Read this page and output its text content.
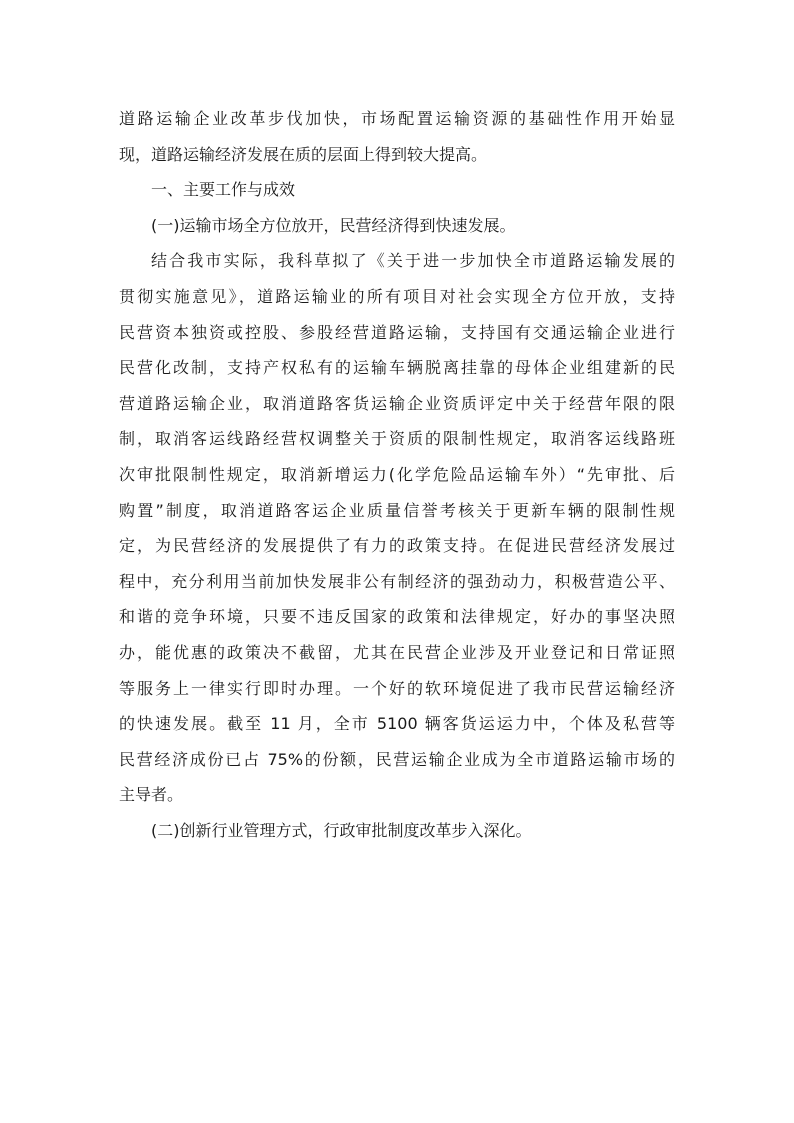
道路运输企业改革步伐加快，市场配置运输资源的基础性作用开始显
现，道路运输经济发展在质的层面上得到较大提高。
一、主要工作与成效
(一)运输市场全方位放开，民营经济得到快速发展。
结合我市实际，我科草拟了《关于进一步加快全市道路运输发展的
贯彻实施意见》，道路运输业的所有项目对社会实现全方位开放，支持
民营资本独资或控股、参股经营道路运输，支持国有交通运输企业进行
民营化改制，支持产权私有的运输车辆脱离挂靠的母体企业组建新的民
营道路运输企业，取消道路客货运输企业资质评定中关于经营年限的限
制，取消客运线路经营权调整关于资质的限制性规定，取消客运线路班
次审批限制性规定，取消新增运力(化学危险品运输车外）“先审批、后
购置”制度，取消道路客运企业质量信誉考核关于更新车辆的限制性规
定，为民营经济的发展提供了有力的政策支持。在促进民营经济发展过
程中，充分利用当前加快发展非公有制经济的强劲动力，积极营造公平、
和谐的竞争环境，只要不违反国家的政策和法律规定，好办的事坚决照
办，能优惠的政策决不截留，尤其在民营企业涉及开业登记和日常证照
等服务上一律实行即时办理。一个好的软环境促进了我市民营运输经济
的快速发展。截至 11 月，全市 5100 辆客货运运力中，个体及私营等
民营经济成份已占 75%的份额，民营运输企业成为全市道路运输市场的
主导者。
(二)创新行业管理方式，行政审批制度改革步入深化。
